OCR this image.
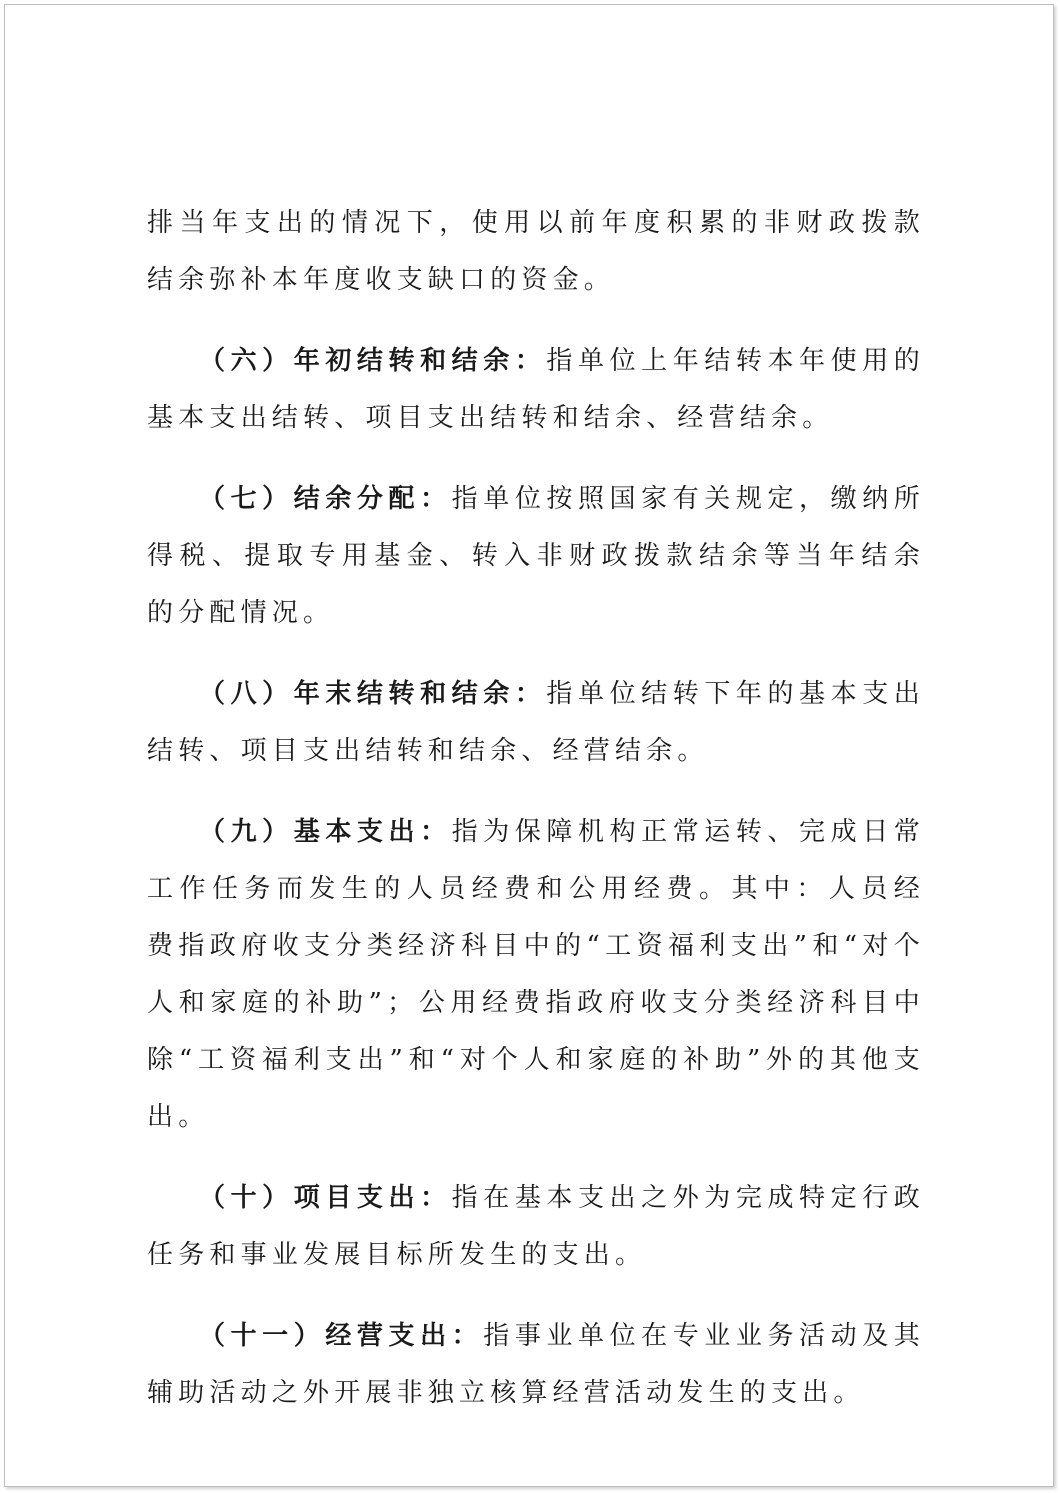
排当年支出的情况下，使用以前年度积累的非财政拨款结余弥补本年度收支缺口的资金。

（六）年初结转和结余：指单位上年结转本年使用的基本支出结转、项目支出结转和结余、经营结余。

（七）结余分配：指单位按照国家有关规定，缴纳所得税、提取专用基金、转入非财政拨款结余等当年结余的分配情况。

（八）年末结转和结余：指单位结转下年的基本支出结转、项目支出结转和结余、经营结余。

（九）基本支出：指为保障机构正常运转、完成日常工作任务而发生的人员经费和公用经费。其中：人员经费指政府收支分类经济科目中的“工资福利支出”和“对个人和家庭的补助”；公用经费指政府收支分类经济科目中除“工资福利支出”和“对个人和家庭的补助”外的其他支出。

（十）项目支出：指在基本支出之外为完成特定行政任务和事业发展目标所发生的支出。

（十一）经营支出：指事业单位在专业业务活动及其辅助活动之外开展非独立核算经营活动发生的支出。
